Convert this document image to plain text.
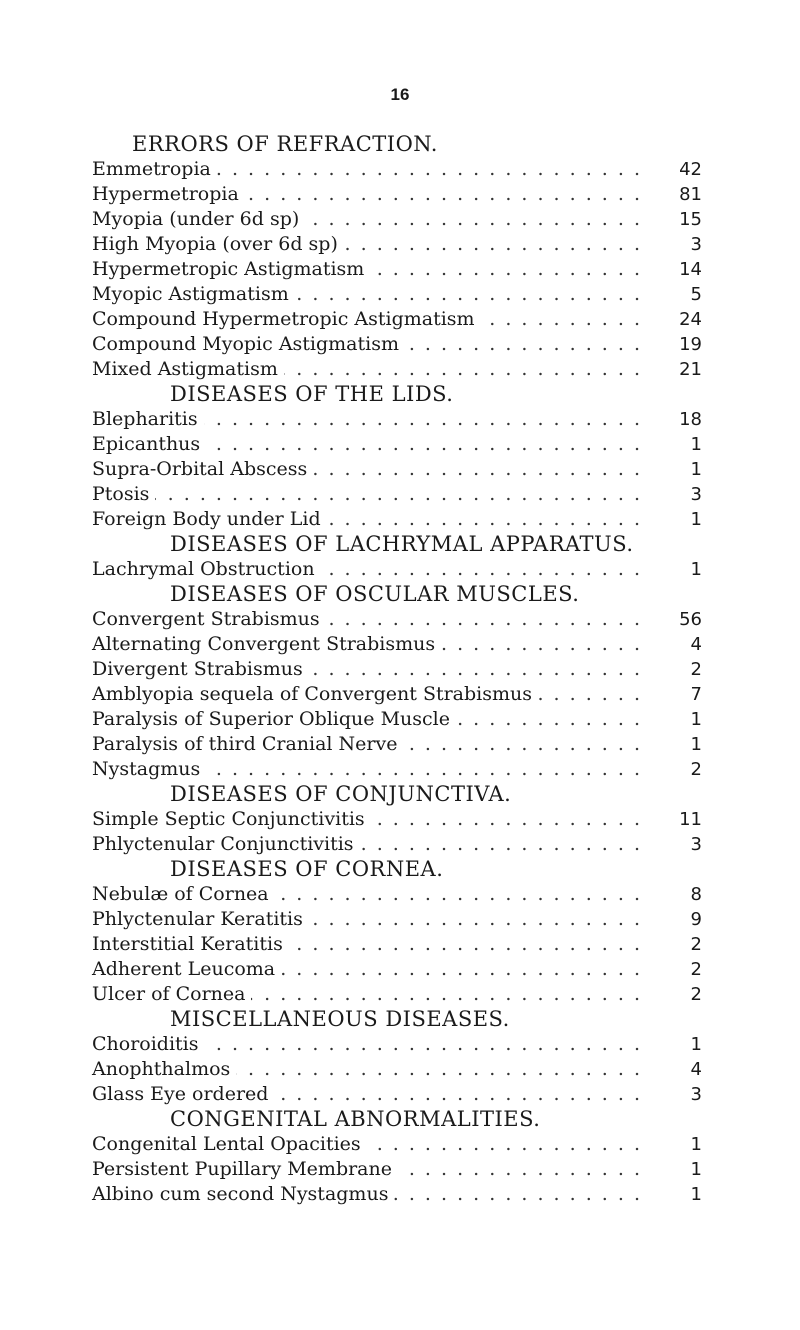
16
ERRORS OF REFRACTION.
. . .
Emmetropia	42
. . .
Hypermetropia	81
. . .
Myopia (under 6d sp)	15
. . .
High Myopia (over 6d sp)	3
. . .
Hypermetropic Astigmatism	14
. . .
Myopic Astigmatism	5
. . .
Compound Hypermetropic Astigmatism	24
. . .
Compound Myopic Astigmatism	19
. . .
Mixed Astigmatism	21
DISEASES OF THE LIDS.
. . .
Blepharitis	18
. . .
Epicanthus	1
. . .
Supra-Orbital Abscess	1
. . .
Ptosis	3
. . .
Foreign Body under Lid	1
DISEASES OF LACHRYMAL APPARATUS.
. . .
Lachrymal Obstruction	1
DISEASES OF OSCULAR MUSCLES.
. . .
Convergent Strabismus	56
. . .
Alternating Convergent Strabismus	4
. . .
Divergent Strabismus	2
. . .
Amblyopia sequela of Convergent Strabismus	7
. . .
Paralysis of Superior Oblique Muscle	1
. . .
Paralysis of third Cranial Nerve	1
. . .
Nystagmus	2
DISEASES OF CONJUNCTIVA.
. . .
Simple Septic Conjunctivitis	11
. . .
Phlyctenular Conjunctivitis	3
DISEASES OF CORNEA.
. . .
Nebulæ of Cornea	8
. . .
Phlyctenular Keratitis	9
. . .
Interstitial Keratitis	2
. . .
Adherent Leucoma	2
. . .
Ulcer of Cornea	2
MISCELLANEOUS DISEASES.
. . .
Choroiditis	1
. . .
Anophthalmos	4
. . .
Glass Eye ordered	3
CONGENITAL ABNORMALITIES.
. . .
Congenital Lental Opacities	1
. . .
Persistent Pupillary Membrane	1
. . .
Albino cum second Nystagmus	1
